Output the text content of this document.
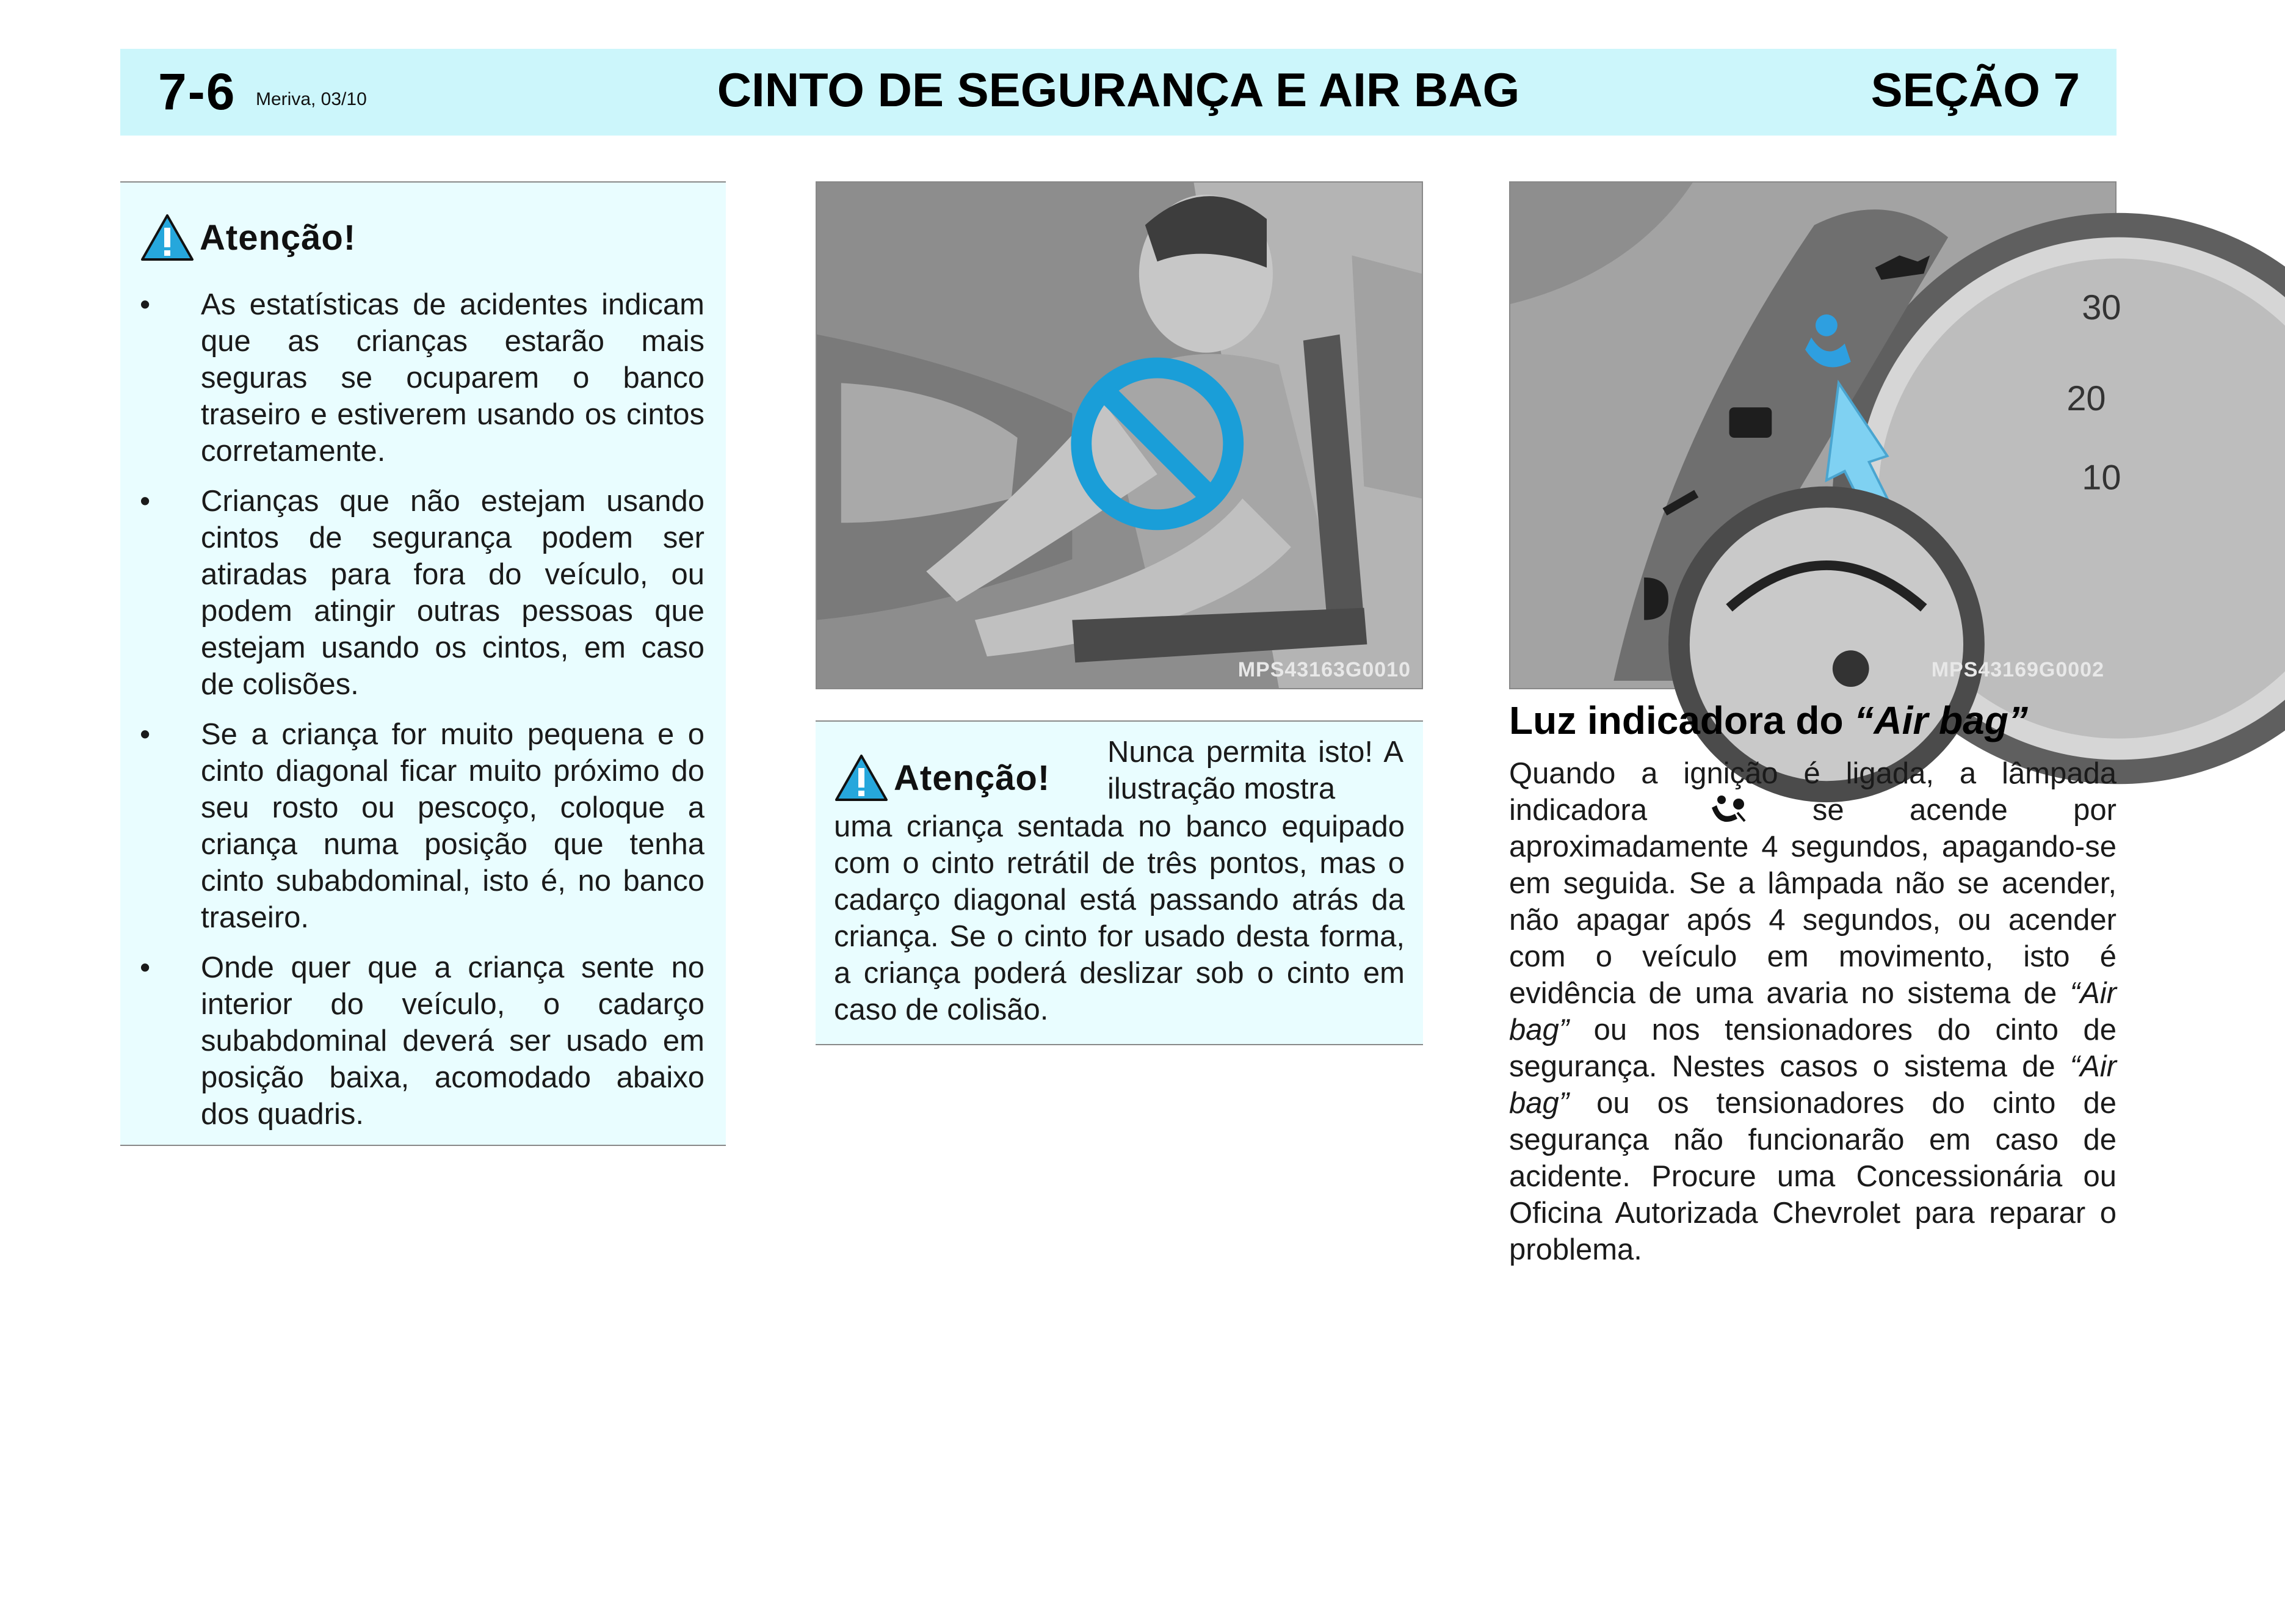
7-6 Meriva, 03/10	CINTO DE SEGURANÇA E AIR BAG	SEÇÃO 7
Atenção!
• As estatísticas de acidentes indicam que as crianças estarão mais seguras se ocuparem o banco traseiro e estiverem usando os cintos corretamente.
• Crianças que não estejam usando cintos de segurança podem ser atiradas para fora do veículo, ou podem atingir outras pessoas que estejam usando os cintos, em caso de colisões.
• Se a criança for muito pequena e o cinto diagonal ficar muito próximo do seu rosto ou pescoço, coloque a criança numa posição que tenha cinto subabdominal, isto é, no banco traseiro.
• Onde quer que a criança sente no interior do veículo, o cadarço subabdominal deverá ser usado em posição baixa, acomodado abaixo dos quadris.
MPS43163G0010
Nunca permita isto! A ilustração mostra
Atenção!
uma criança sentada no banco equipado com o cinto retrátil de três pontos, mas o cadarço diagonal está passando atrás da criança. Se o cinto for usado desta forma, a criança poderá deslizar sob o cinto em caso de colisão.
30
20
10
MPS43169G0002
Luz indicadora do “Air bag”
Quando a ignição é ligada, a lâmpada indicadora	se acende por aproximadamente 4 segundos, apagando-se em seguida. Se a lâmpada não se acender, não apagar após 4 segundos, ou acender com o veículo em movimento, isto é evidência de uma avaria no sistema de “Air bag” ou nos tensionadores do cinto de segurança. Nestes casos o sistema de “Air bag” ou os tensionadores do cinto de segurança não funcionarão em caso de acidente. Procure uma Concessionária ou Oficina Autorizada Chevrolet para reparar o problema.
